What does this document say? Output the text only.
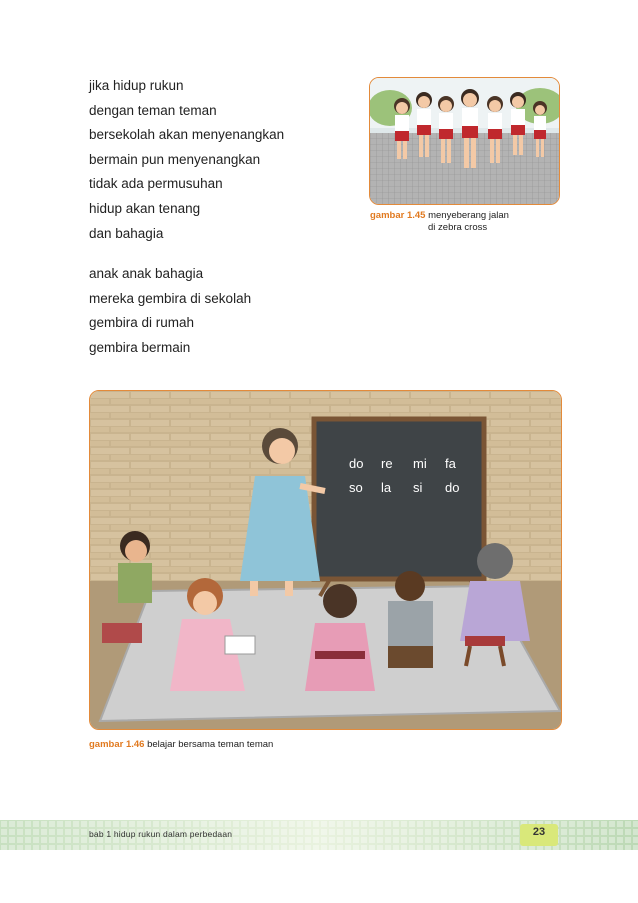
jika hidup rukun
dengan teman teman
bersekolah akan menyenangkan
bermain pun menyenangkan
tidak ada permusuhan
hidup akan tenang
dan bahagia
anak anak bahagia
mereka gembira di sekolah
gembira di rumah
gembira bermain
gambar 1.45 menyeberang jalan
di zebra cross
do re mi fa
so la si do
gambar 1.46 belajar bersama teman teman
bab 1 hidup rukun dalam perbedaan	23
